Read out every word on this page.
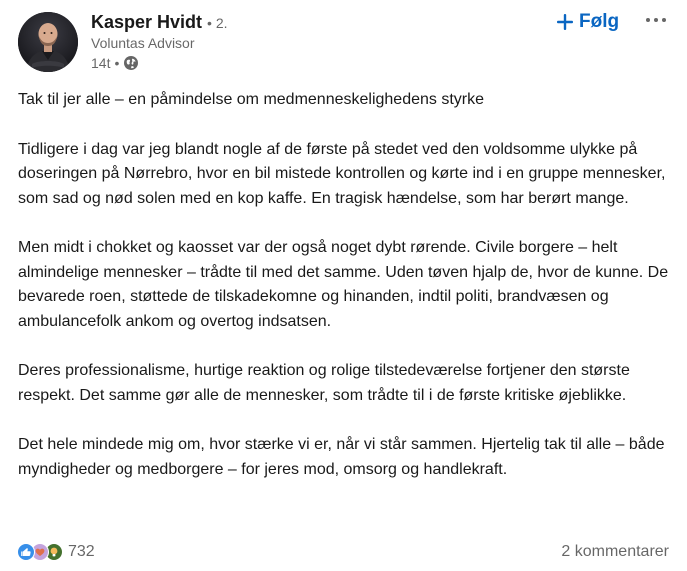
Kasper Hvidt • 2.
Voluntas Advisor
14t •
Følg

Tak til jer alle – en påmindelse om medmenneskelighedens styrke

Tidligere i dag var jeg blandt nogle af de første på stedet ved den voldsomme ulykke på doseringen på Nørrebro, hvor en bil mistede kontrollen og kørte ind i en gruppe mennesker, som sad og nød solen med en kop kaffe. En tragisk hændelse, som har berørt mange.

Men midt i chokket og kaosset var der også noget dybt rørende. Civile borgere – helt almindelige mennesker – trådte til med det samme. Uden tøven hjalp de, hvor de kunne. De bevarede roen, støttede de tilskadekomne og hinanden, indtil politi, brandvæsen og ambulancefolk ankom og overtog indsatsen.

Deres professionalisme, hurtige reaktion og rolige tilstedeværelse fortjener den største respekt. Det samme gør alle de mennesker, som trådte til i de første kritiske øjeblikke.

Det hele mindede mig om, hvor stærke vi er, når vi står sammen. Hjertelig tak til alle – både myndigheder og medborgere – for jeres mod, omsorg og handlekraft.

732	2 kommentarer
